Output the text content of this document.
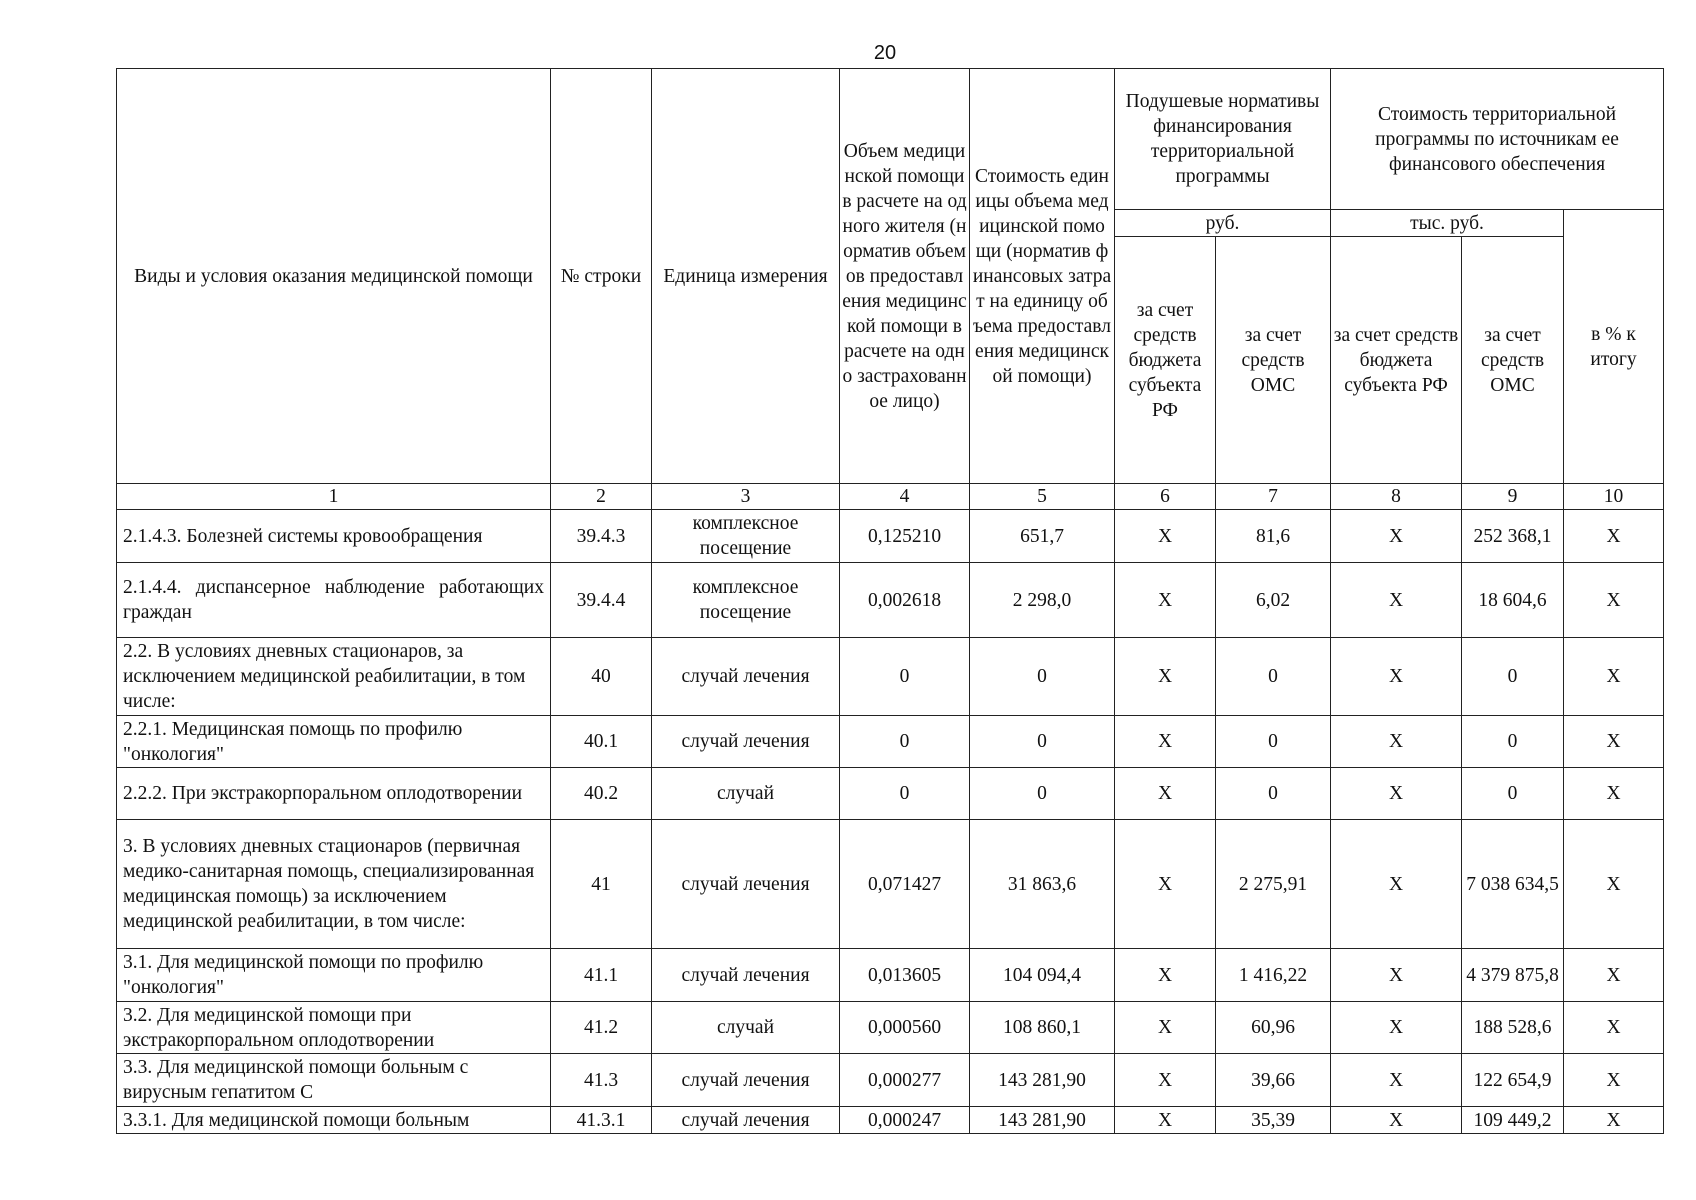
20
Виды и условия оказания медицинской помощи	№ строки	Единица измерения	Объем медицинской помощи в расчете на одного жителя (норматив объемов предоставления медицинской помощи в расчете на одно застрахованное лицо)	Стоимость единицы объема медицинской помощи (норматив финансовых затрат на единицу объема предоставления медицинской помощи)	Подушевые нормативы финансирования территориальной программы		Стоимость территориальной программы по источникам ее финансового обеспечения		
					руб.		тыс. руб.		в % к итогу
					за счет средств бюджета субъекта РФ	за счет средств ОМС	за счет средств бюджета субъекта РФ	за счет средств ОМС	
1	2	3	4	5	6	7	8	9	10
2.1.4.3. Болезней системы кровообращения	39.4.3	комплексное посещение	0,125210	651,7	Х	81,6	Х	252 368,1	Х
2.1.4.4. диспансерное наблюдение работающих граждан	39.4.4	комплексное посещение	0,002618	2 298,0	Х	6,02	Х	18 604,6	Х
2.2. В условиях дневных стационаров, за исключением медицинской реабилитации, в том числе:	40	случай лечения	0	0	Х	0	Х	0	Х
2.2.1. Медицинская помощь по профилю "онкология"	40.1	случай лечения	0	0	Х	0	Х	0	Х
2.2.2. При экстракорпоральном оплодотворении	40.2	случай	0	0	Х	0	Х	0	Х
3. В условиях дневных стационаров (первичная медико-санитарная помощь, специализированная медицинская помощь) за исключением медицинской реабилитации, в том числе:	41	случай лечения	0,071427	31 863,6	Х	2 275,91	Х	7 038 634,5	Х
3.1. Для медицинской помощи по профилю "онкология"	41.1	случай лечения	0,013605	104 094,4	Х	1 416,22	Х	4 379 875,8	Х
3.2. Для медицинской помощи при экстракорпоральном оплодотворении	41.2	случай	0,000560	108 860,1	Х	60,96	Х	188 528,6	Х
3.3. Для медицинской помощи больным с вирусным гепатитом С	41.3	случай лечения	0,000277	143 281,90	Х	39,66	Х	122 654,9	Х
3.3.1. Для медицинской помощи больным	41.3.1	случай лечения	0,000247	143 281,90	Х	35,39	Х	109 449,2	Х
